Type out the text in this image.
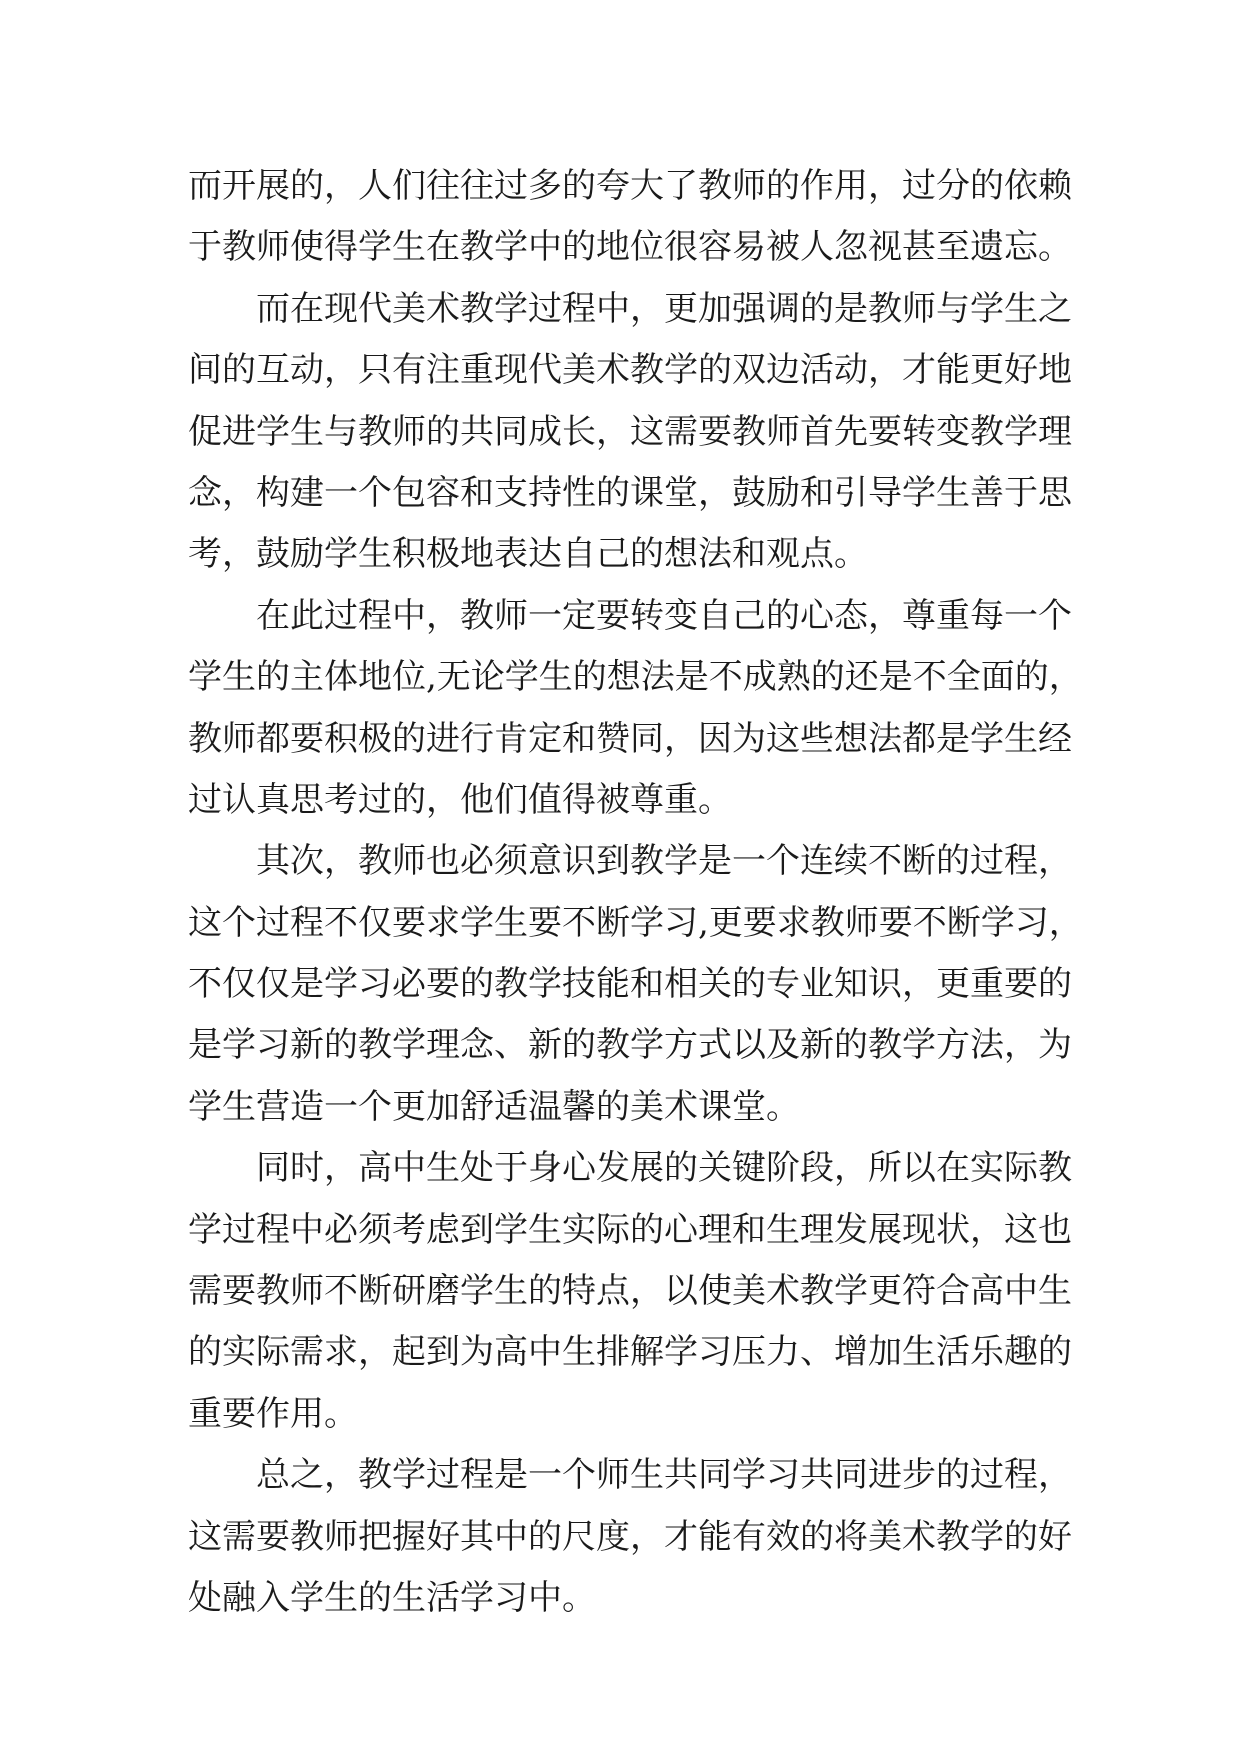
而开展的，人们往往过多的夸大了教师的作用，过分的依赖
于教师使得学生在教学中的地位很容易被人忽视甚至遗忘。
而在现代美术教学过程中，更加强调的是教师与学生之
间的互动，只有注重现代美术教学的双边活动，才能更好地
促进学生与教师的共同成长，这需要教师首先要转变教学理
念，构建一个包容和支持性的课堂，鼓励和引导学生善于思
考，鼓励学生积极地表达自己的想法和观点。
在此过程中，教师一定要转变自己的心态，尊重每一个
学生的主体地位,无论学生的想法是不成熟的还是不全面的，
教师都要积极的进行肯定和赞同，因为这些想法都是学生经
过认真思考过的，他们值得被尊重。
其次，教师也必须意识到教学是一个连续不断的过程，
这个过程不仅要求学生要不断学习,更要求教师要不断学习，
不仅仅是学习必要的教学技能和相关的专业知识，更重要的
是学习新的教学理念、新的教学方式以及新的教学方法，为
学生营造一个更加舒适温馨的美术课堂。
同时，高中生处于身心发展的关键阶段，所以在实际教
学过程中必须考虑到学生实际的心理和生理发展现状，这也
需要教师不断研磨学生的特点，以使美术教学更符合高中生
的实际需求，起到为高中生排解学习压力、增加生活乐趣的
重要作用。
总之，教学过程是一个师生共同学习共同进步的过程，
这需要教师把握好其中的尺度，才能有效的将美术教学的好
处融入学生的生活学习中。
